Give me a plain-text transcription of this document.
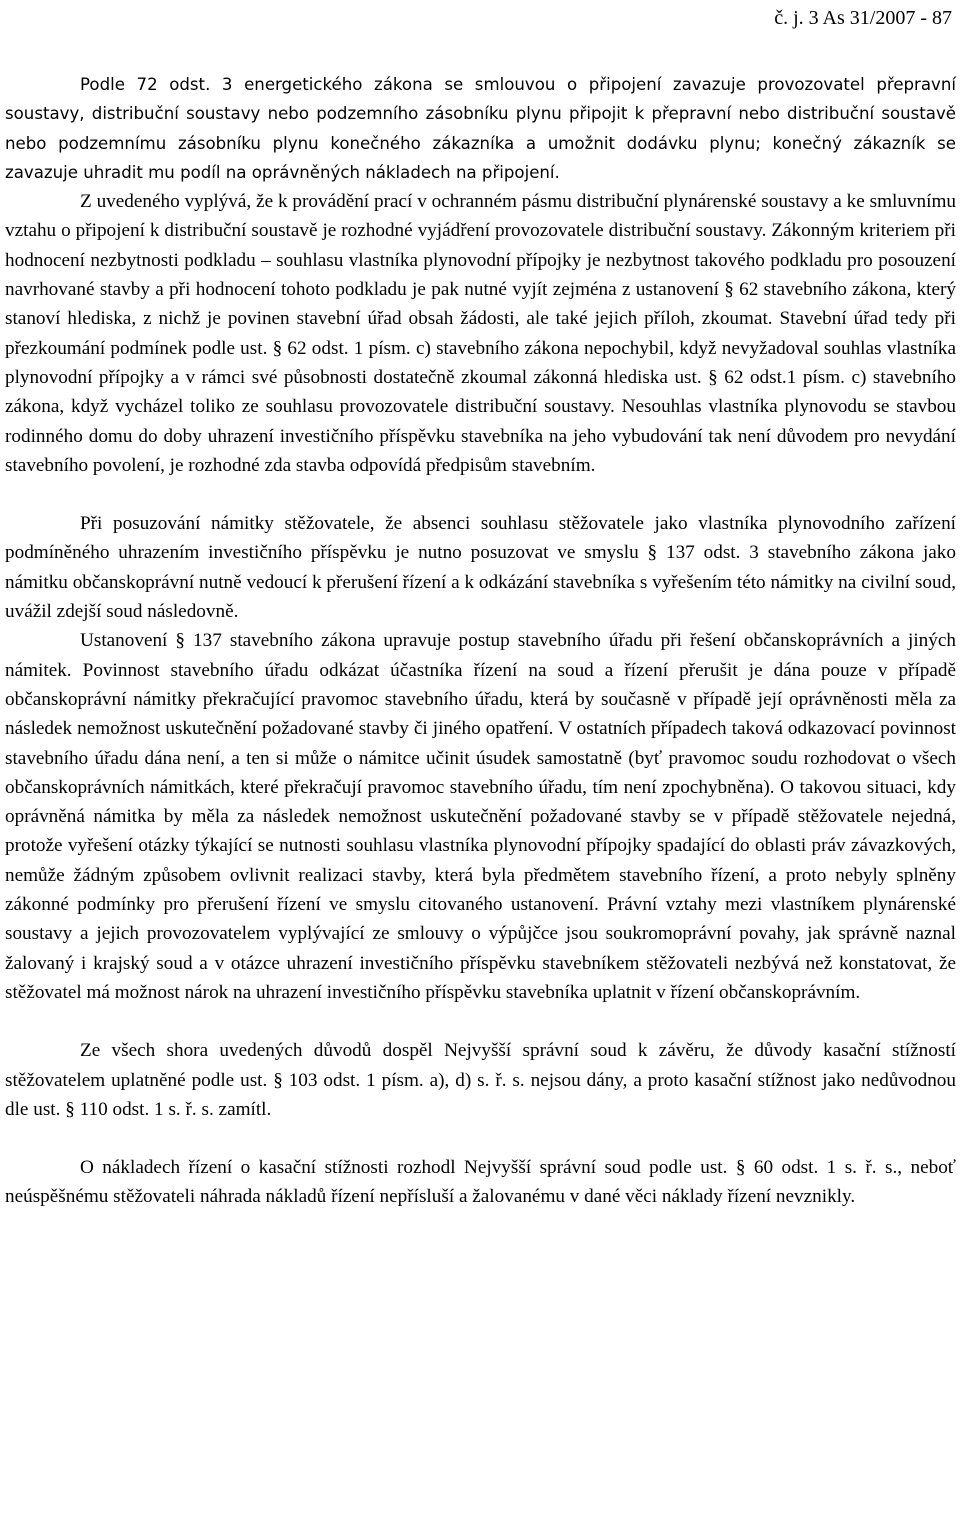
č. j. 3 As 31/2007 - 87

Podle 72 odst. 3 energetického zákona se smlouvou o připojení zavazuje provozovatel přepravní soustavy, distribuční soustavy nebo podzemního zásobníku plynu připojit k přepravní nebo distribuční soustavě nebo podzemnímu zásobníku plynu konečného zákazníka a umožnit dodávku plynu; konečný zákazník se zavazuje uhradit mu podíl na oprávněných nákladech na připojení.

Z uvedeného vyplývá, že k provádění prací v ochranném pásmu distribuční plynárenské soustavy a ke smluvnímu vztahu o připojení k distribuční soustavě je rozhodné vyjádření provozovatele distribuční soustavy. Zákonným kriteriem při hodnocení nezbytnosti podkladu – souhlasu vlastníka plynovodní přípojky je nezbytnost takového podkladu pro posouzení navrhované stavby a při hodnocení tohoto podkladu je pak nutné vyjít zejména z ustanovení § 62 stavebního zákona, který stanoví hlediska, z nichž je povinen stavební úřad obsah žádosti, ale také jejich příloh, zkoumat. Stavební úřad tedy při přezkoumání podmínek podle ust. § 62 odst. 1 písm. c) stavebního zákona nepochybil, když nevyžadoval souhlas vlastníka plynovodní přípojky a v rámci své působnosti dostatečně zkoumal zákonná hlediska ust. § 62 odst.1 písm. c) stavebního zákona, když vycházel toliko ze souhlasu provozovatele distribuční soustavy. Nesouhlas vlastníka plynovodu se stavbou rodinného domu do doby uhrazení investičního příspěvku stavebníka na jeho vybudování tak není důvodem pro nevydání stavebního povolení, je rozhodné zda stavba odpovídá předpisům stavebním.

Při posuzování námitky stěžovatele, že absenci souhlasu stěžovatele jako vlastníka plynovodního zařízení podmíněného uhrazením investičního příspěvku je nutno posuzovat ve smyslu § 137 odst. 3 stavebního zákona jako námitku občanskoprávní nutně vedoucí k přerušení řízení a k odkázání stavebníka s vyřešením této námitky na civilní soud, uvážil zdejší soud následovně.

Ustanovení § 137 stavebního zákona upravuje postup stavebního úřadu při řešení občanskoprávních a jiných námitek. Povinnost stavebního úřadu odkázat účastníka řízení na soud a řízení přerušit je dána pouze v případě občanskoprávní námitky překračující pravomoc stavebního úřadu, která by současně v případě její oprávněnosti měla za následek nemožnost uskutečnění požadované stavby či jiného opatření. V ostatních případech taková odkazovací povinnost stavebního úřadu dána není, a ten si může o námitce učinit úsudek samostatně (byť pravomoc soudu rozhodovat o všech občanskoprávních námitkách, které překračují pravomoc stavebního úřadu, tím není zpochybněna). O takovou situaci, kdy oprávněná námitka by měla za následek nemožnost uskutečnění požadované stavby se v případě stěžovatele nejedná, protože vyřešení otázky týkající se nutnosti souhlasu vlastníka plynovodní přípojky spadající do oblasti práv závazkových, nemůže žádným způsobem ovlivnit realizaci stavby, která byla předmětem stavebního řízení, a proto nebyly splněny zákonné podmínky pro přerušení řízení ve smyslu citovaného ustanovení. Právní vztahy mezi vlastníkem plynárenské soustavy a jejich provozovatelem vyplývající ze smlouvy o výpůjčce jsou soukromoprávní povahy, jak správně naznal žalovaný i krajský soud a v otázce uhrazení investičního příspěvku stavebníkem stěžovateli nezbývá než konstatovat, že stěžovatel má možnost nárok na uhrazení investičního příspěvku stavebníka uplatnit v řízení občanskoprávním.

Ze všech shora uvedených důvodů dospěl Nejvyšší správní soud k závěru, že důvody kasační stížností stěžovatelem uplatněné podle ust. § 103 odst. 1 písm. a), d) s. ř. s. nejsou dány, a proto kasační stížnost jako nedůvodnou dle ust. § 110 odst. 1 s. ř. s. zamítl.

O nákladech řízení o kasační stížnosti rozhodl Nejvyšší správní soud podle ust. § 60 odst. 1 s. ř. s., neboť neúspěšnému stěžovateli náhrada nákladů řízení nepřísluší a žalovanému v dané věci náklady řízení nevznikly.
